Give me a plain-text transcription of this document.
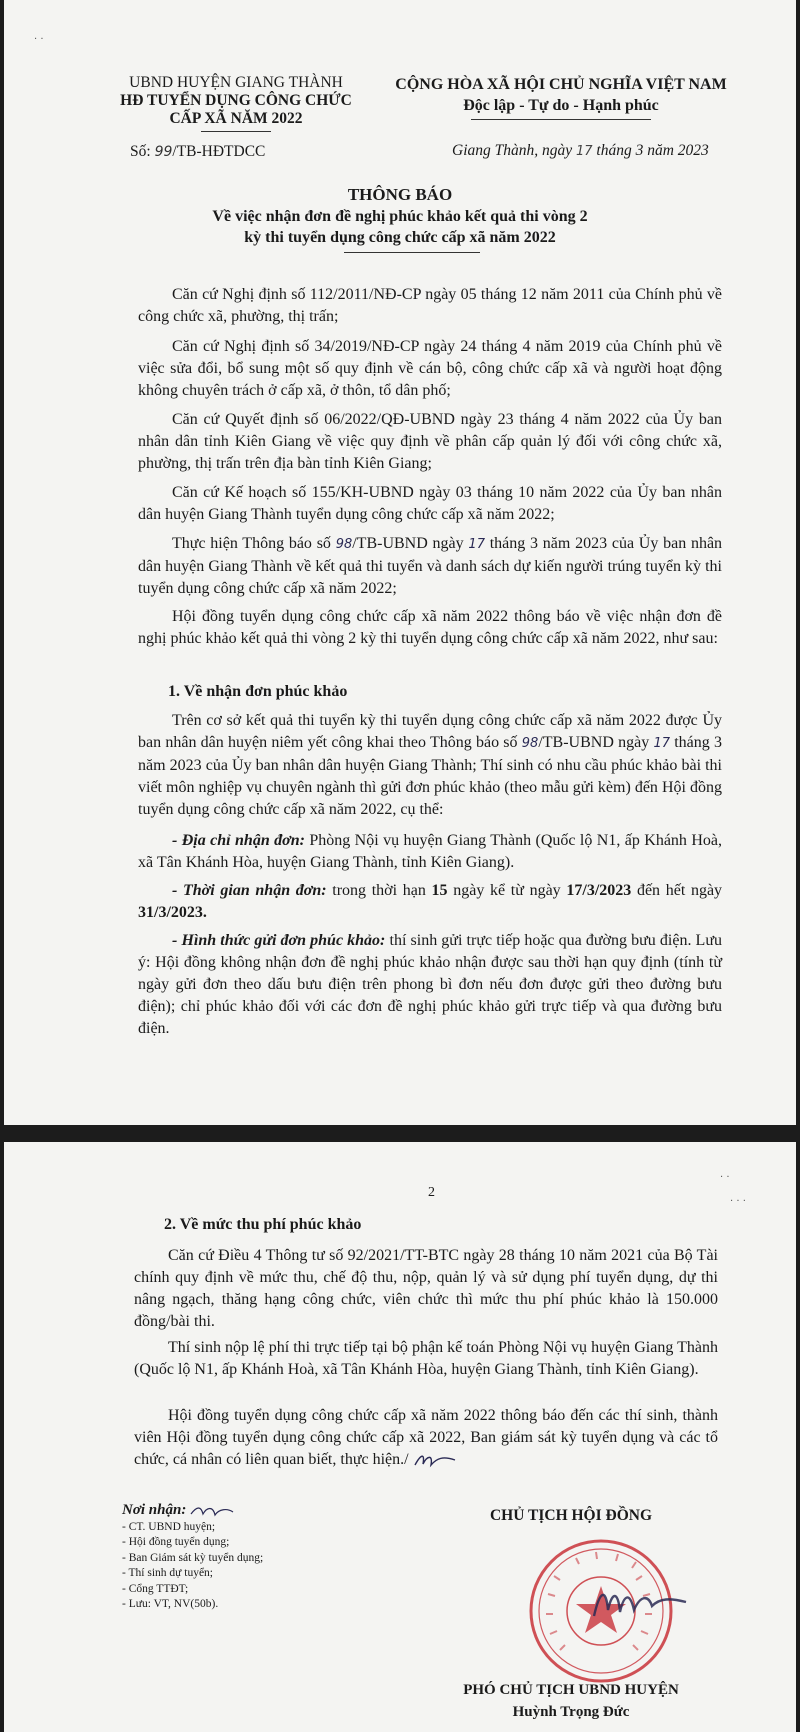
· ·
UBND HUYỆN GIANG THÀNH
HĐ TUYỂN DỤNG CÔNG CHỨC
CẤP XÃ NĂM 2022
Số: 99/TB-HĐTDCC
CỘNG HÒA XÃ HỘI CHỦ NGHĨA VIỆT NAM
Độc lập - Tự do - Hạnh phúc
Giang Thành, ngày 17 tháng 3 năm 2023
THÔNG BÁO
Về việc nhận đơn đề nghị phúc khảo kết quả thi vòng 2
kỳ thi tuyển dụng công chức cấp xã năm 2022

Căn cứ Nghị định số 112/2011/NĐ-CP ngày 05 tháng 12 năm 2011 của Chính phủ về công chức xã, phường, thị trấn;

Căn cứ Nghị định số 34/2019/NĐ-CP ngày 24 tháng 4 năm 2019 của Chính phủ về việc sửa đổi, bổ sung một số quy định về cán bộ, công chức cấp xã và người hoạt động không chuyên trách ở cấp xã, ở thôn, tổ dân phố;

Căn cứ Quyết định số 06/2022/QĐ-UBND ngày 23 tháng 4 năm 2022 của Ủy ban nhân dân tỉnh Kiên Giang về việc quy định về phân cấp quản lý đối với công chức xã, phường, thị trấn trên địa bàn tỉnh Kiên Giang;

Căn cứ Kế hoạch số 155/KH-UBND ngày 03 tháng 10 năm 2022 của Ủy ban nhân dân huyện Giang Thành tuyển dụng công chức cấp xã năm 2022;

Thực hiện Thông báo số 98/TB-UBND ngày 17 tháng 3 năm 2023 của Ủy ban nhân dân huyện Giang Thành về kết quả thi tuyển và danh sách dự kiến người trúng tuyển kỳ thi tuyển dụng công chức cấp xã năm 2022;

Hội đồng tuyển dụng công chức cấp xã năm 2022 thông báo về việc nhận đơn đề nghị phúc khảo kết quả thi vòng 2 kỳ thi tuyển dụng công chức cấp xã năm 2022, như sau:

1. Về nhận đơn phúc khảo

Trên cơ sở kết quả thi tuyển kỳ thi tuyển dụng công chức cấp xã năm 2022 được Ủy ban nhân dân huyện niêm yết công khai theo Thông báo số 98/TB-UBND ngày 17 tháng 3 năm 2023 của Ủy ban nhân dân huyện Giang Thành; Thí sinh có nhu cầu phúc khảo bài thi viết môn nghiệp vụ chuyên ngành thì gửi đơn phúc khảo (theo mẫu gửi kèm) đến Hội đồng tuyển dụng công chức cấp xã năm 2022, cụ thể:

- Địa chỉ nhận đơn: Phòng Nội vụ huyện Giang Thành (Quốc lộ N1, ấp Khánh Hoà, xã Tân Khánh Hòa, huyện Giang Thành, tỉnh Kiên Giang).

- Thời gian nhận đơn: trong thời hạn 15 ngày kể từ ngày 17/3/2023 đến hết ngày 31/3/2023.

- Hình thức gửi đơn phúc khảo: thí sinh gửi trực tiếp hoặc qua đường bưu điện. Lưu ý: Hội đồng không nhận đơn đề nghị phúc khảo nhận được sau thời hạn quy định (tính từ ngày gửi đơn theo dấu bưu điện trên phong bì đơn nếu đơn được gửi theo đường bưu điện); chỉ phúc khảo đối với các đơn đề nghị phúc khảo gửi trực tiếp và qua đường bưu điện.

2
· ·
· · ·

2. Về mức thu phí phúc khảo

Căn cứ Điều 4 Thông tư số 92/2021/TT-BTC ngày 28 tháng 10 năm 2021 của Bộ Tài chính quy định về mức thu, chế độ thu, nộp, quản lý và sử dụng phí tuyển dụng, dự thi nâng ngạch, thăng hạng công chức, viên chức thì mức thu phí phúc khảo là 150.000 đồng/bài thi.

Thí sinh nộp lệ phí thi trực tiếp tại bộ phận kế toán Phòng Nội vụ huyện Giang Thành (Quốc lộ N1, ấp Khánh Hoà, xã Tân Khánh Hòa, huyện Giang Thành, tỉnh Kiên Giang).

Hội đồng tuyển dụng công chức cấp xã năm 2022 thông báo đến các thí sinh, thành viên Hội đồng tuyển dụng công chức cấp xã 2022, Ban giám sát kỳ tuyển dụng và các tổ chức, cá nhân có liên quan biết, thực hiện./

Nơi nhận:
- CT. UBND huyện;
- Hội đồng tuyển dụng;
- Ban Giám sát kỳ tuyển dụng;
- Thí sinh dự tuyển;
- Cổng TTĐT;
- Lưu: VT, NV(50b).
CHỦ TỊCH HỘI ĐỒNG
PHÓ CHỦ TỊCH UBND HUYỆN
Huỳnh Trọng Đức
